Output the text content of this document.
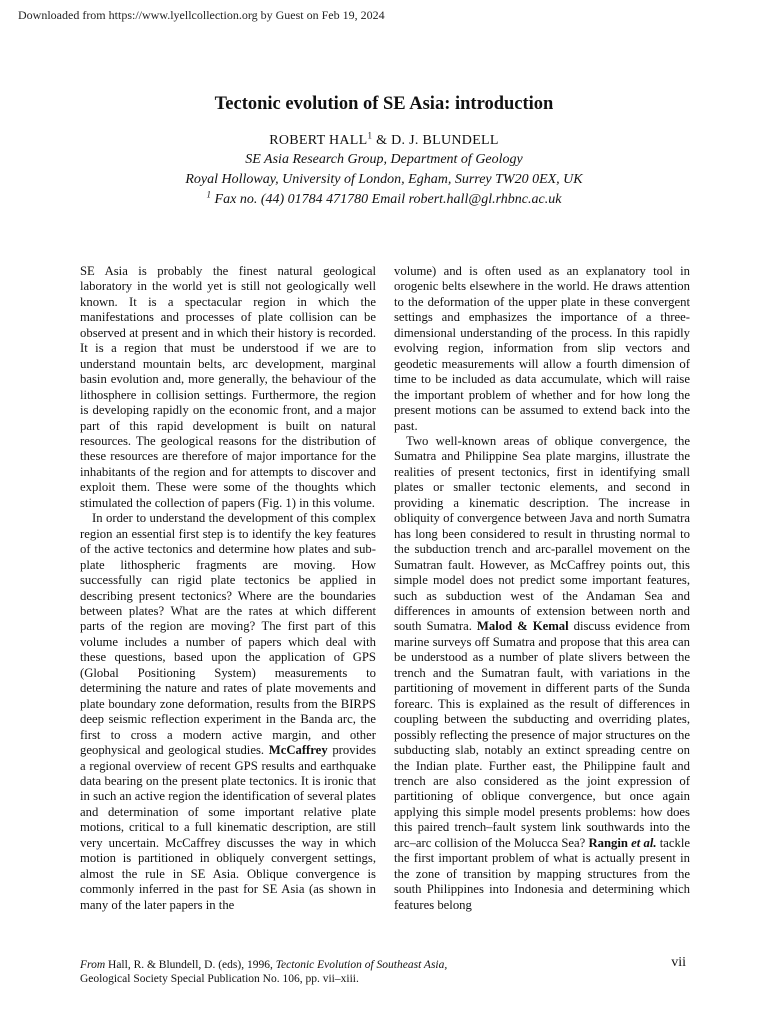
Downloaded from https://www.lyellcollection.org by Guest on Feb 19, 2024
Tectonic evolution of SE Asia: introduction
ROBERT HALL$^1$ & D. J. BLUNDELL
SE Asia Research Group, Department of Geology
Royal Holloway, University of London, Egham, Surrey TW20 0EX, UK
$^1$ Fax no. (44) 01784 471780 Email robert.hall@gl.rhbnc.ac.uk

SE Asia is probably the finest natural geological laboratory in the world yet is still not geologically well known. It is a spectacular region in which the manifestations and processes of plate collision can be observed at present and in which their history is recorded. It is a region that must be understood if we are to understand mountain belts, arc development, marginal basin evolution and, more generally, the behaviour of the lithosphere in collision settings. Furthermore, the region is developing rapidly on the economic front, and a major part of this rapid development is built on natural resources. The geological reasons for the distribution of these resources are therefore of major importance for the inhabitants of the region and for attempts to discover and exploit them. These were some of the thoughts which stimulated the collection of papers (Fig. 1) in this volume.

In order to understand the development of this complex region an essential first step is to identify the key features of the active tectonics and determine how plates and sub-plate lithospheric fragments are moving. How successfully can rigid plate tectonics be applied in describing present tectonics? Where are the boundaries between plates? What are the rates at which different parts of the region are moving? The first part of this volume includes a number of papers which deal with these questions, based upon the application of GPS (Global Positioning System) measurements to determining the nature and rates of plate movements and plate boundary zone deformation, results from the BIRPS deep seismic reflection experiment in the Banda arc, the first to cross a modern active margin, and other geophysical and geological studies. McCaffrey provides a regional overview of recent GPS results and earthquake data bearing on the present plate tectonics. It is ironic that in such an active region the identification of several plates and determination of some important relative plate motions, critical to a full kinematic description, are still very uncertain. McCaffrey discusses the way in which motion is partitioned in obliquely convergent settings, almost the rule in SE Asia. Oblique convergence is commonly inferred in the past for SE Asia (as shown in many of the later papers in the

volume) and is often used as an explanatory tool in orogenic belts elsewhere in the world. He draws attention to the deformation of the upper plate in these convergent settings and emphasizes the importance of a three-dimensional understanding of the process. In this rapidly evolving region, information from slip vectors and geodetic measurements will allow a fourth dimension of time to be included as data accumulate, which will raise the important problem of whether and for how long the present motions can be assumed to extend back into the past.

Two well-known areas of oblique convergence, the Sumatra and Philippine Sea plate margins, illustrate the realities of present tectonics, first in identifying small plates or smaller tectonic elements, and second in providing a kinematic description. The increase in obliquity of convergence between Java and north Sumatra has long been considered to result in thrusting normal to the subduction trench and arc-parallel movement on the Sumatran fault. However, as McCaffrey points out, this simple model does not predict some important features, such as subduction west of the Andaman Sea and differences in amounts of extension between north and south Sumatra. Malod & Kemal discuss evidence from marine surveys off Sumatra and propose that this area can be understood as a number of plate slivers between the trench and the Sumatran fault, with variations in the partitioning of movement in different parts of the Sunda forearc. This is explained as the result of differences in coupling between the subducting and overriding plates, possibly reflecting the presence of major structures on the subducting slab, notably an extinct spreading centre on the Indian plate. Further east, the Philippine fault and trench are also considered as the joint expression of partitioning of oblique convergence, but once again applying this simple model presents problems: how does this paired trench–fault system link southwards into the arc–arc collision of the Molucca Sea? Rangin et al. tackle the first important problem of what is actually present in the zone of transition by mapping structures from the south Philippines into Indonesia and determining which features belong

From Hall, R. & Blundell, D. (eds), 1996, Tectonic Evolution of Southeast Asia,
Geological Society Special Publication No. 106, pp. vii–xiii.
vii
